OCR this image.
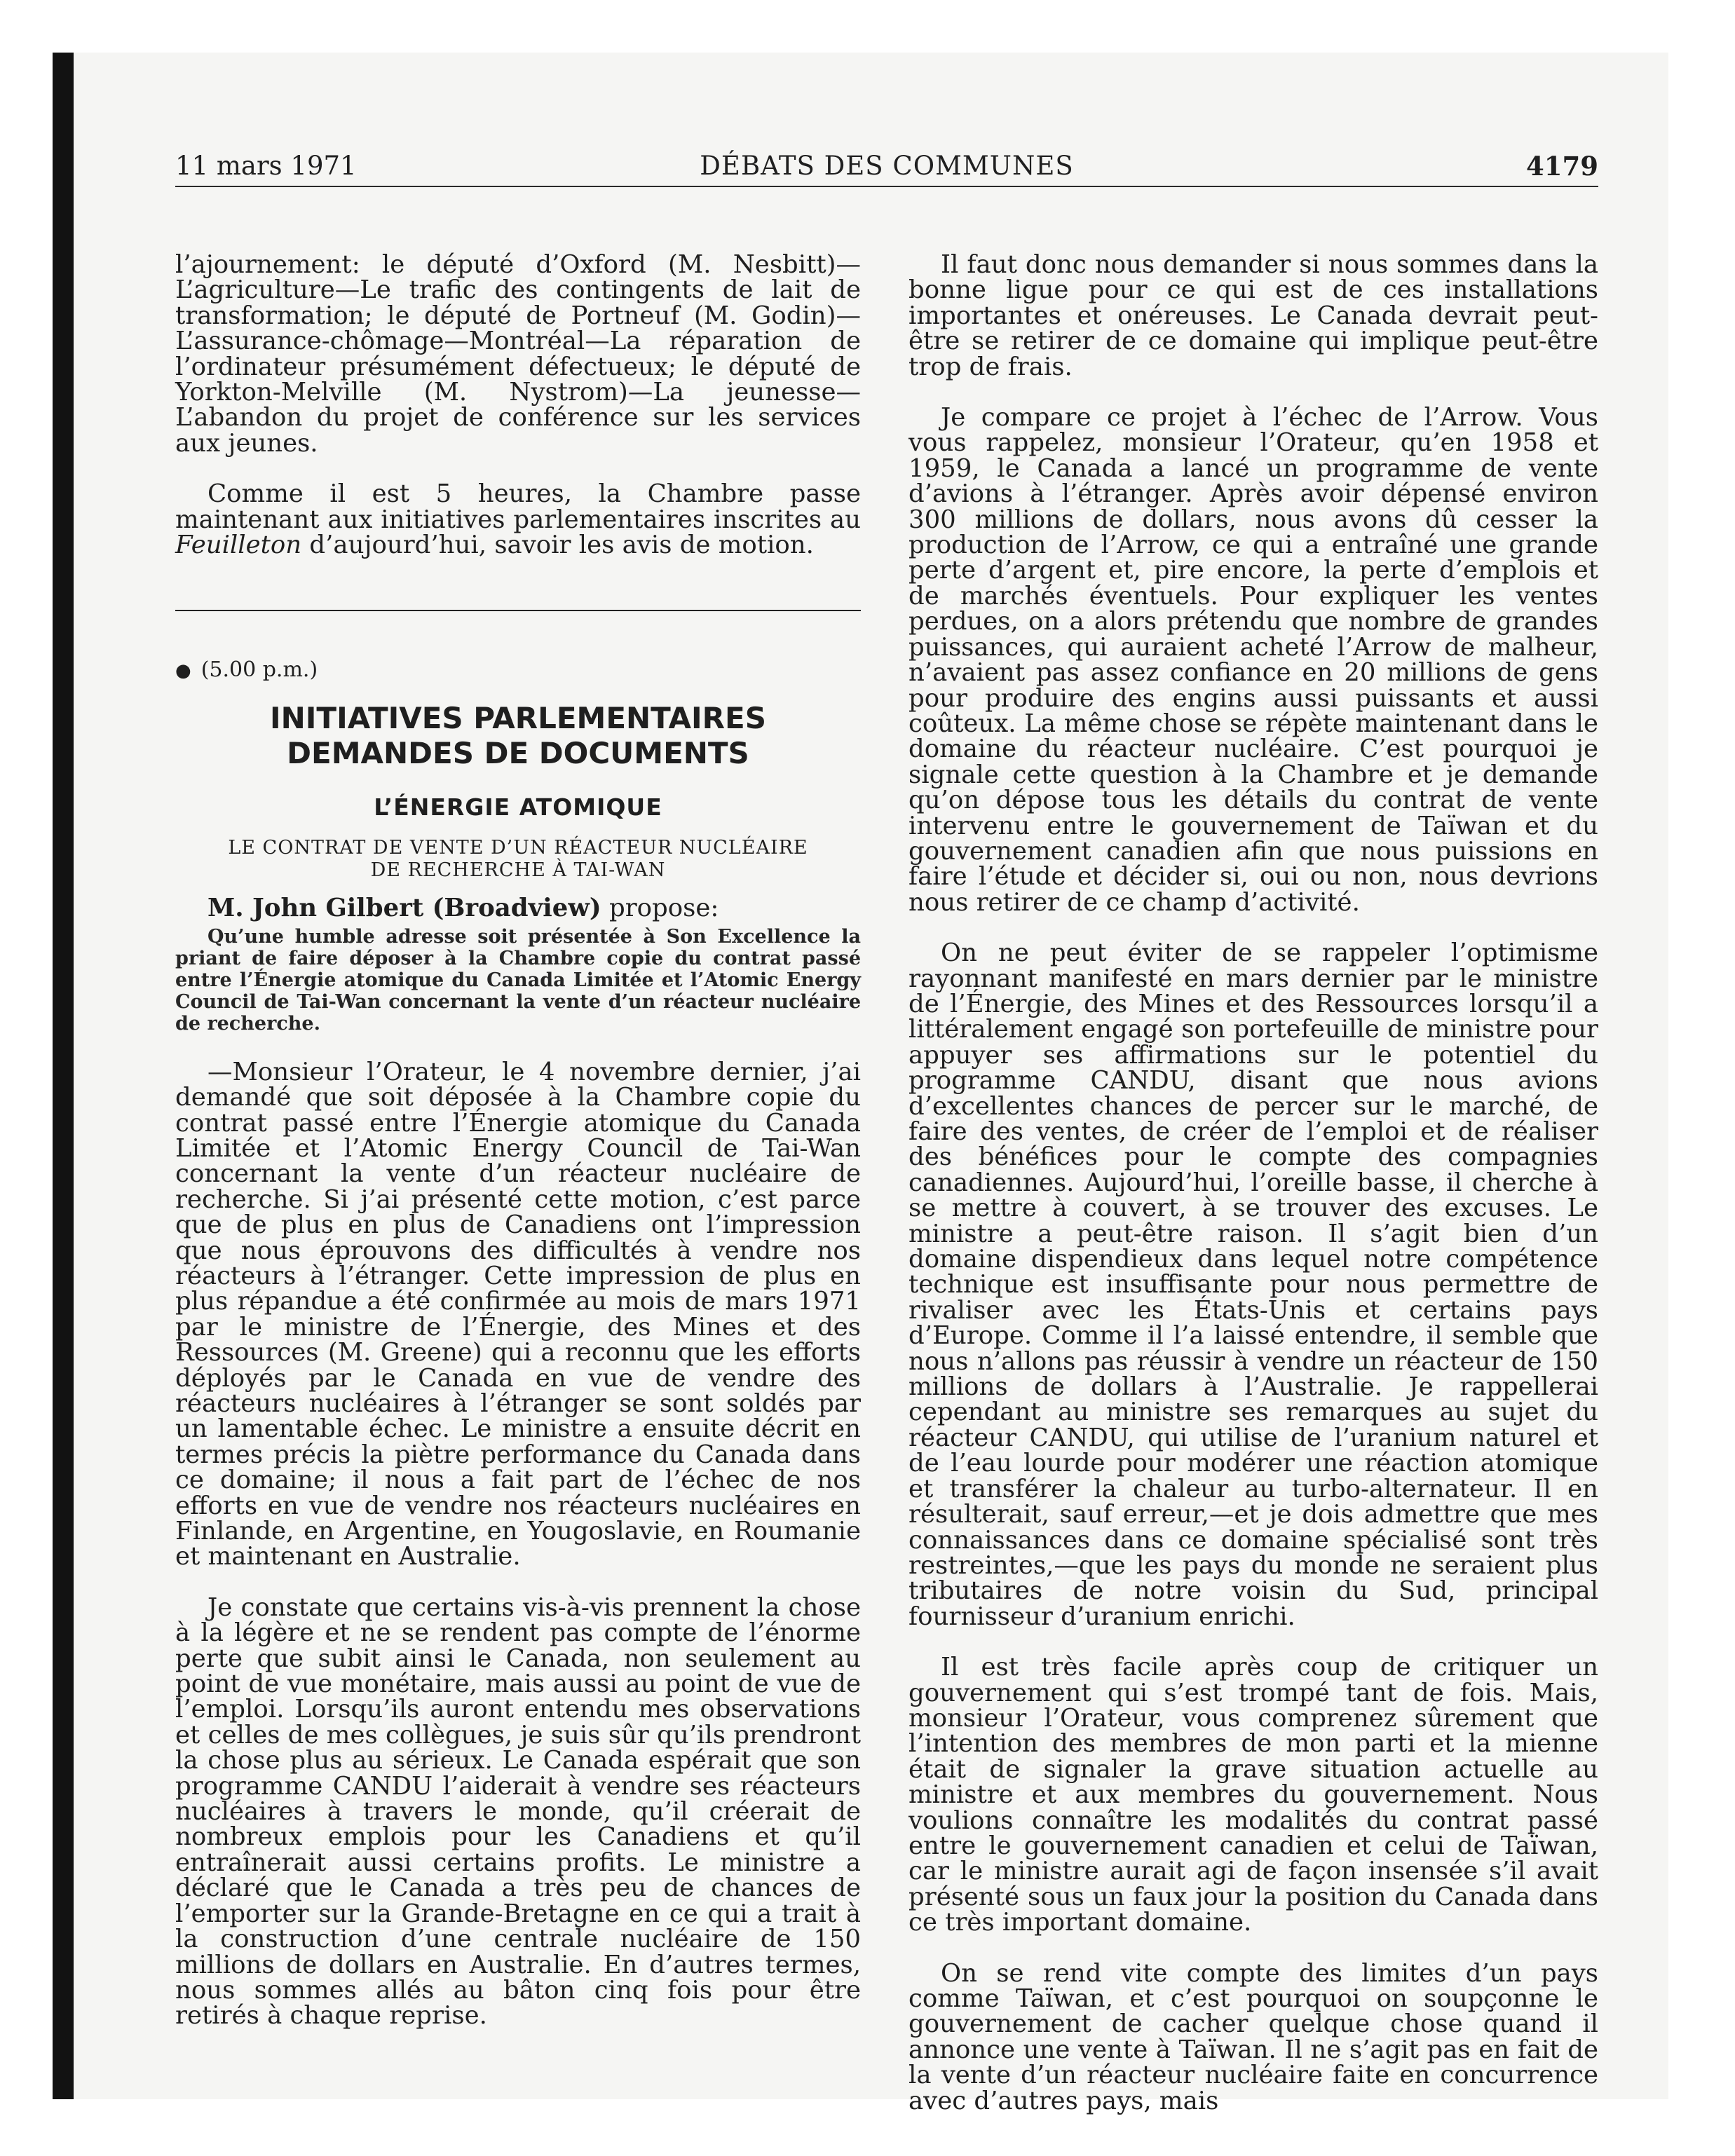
11 mars 1971	DÉBATS DES COMMUNES	4179

l’ajournement: le député d’Oxford (M. Nesbitt)—L’agriculture—Le trafic des contingents de lait de transformation; le député de Portneuf (M. Godin)—L’assurance-chômage—Montréal—La réparation de l’ordinateur présumément défectueux; le député de Yorkton-Melville (M. Nystrom)—La jeunesse—L’abandon du projet de conférence sur les services aux jeunes.

Comme il est 5 heures, la Chambre passe maintenant aux initiatives parlementaires inscrites au Feuilleton d’aujourd’hui, savoir les avis de motion.

● (5.00 p.m.)

INITIATIVES PARLEMENTAIRES
DEMANDES DE DOCUMENTS
L’ÉNERGIE ATOMIQUE
LE CONTRAT DE VENTE D’UN RÉACTEUR NUCLÉAIRE
DE RECHERCHE À TAI-WAN

M. John Gilbert (Broadview) propose:

Qu’une humble adresse soit présentée à Son Excellence la priant de faire déposer à la Chambre copie du contrat passé entre l’Énergie atomique du Canada Limitée et l’Atomic Energy Council de Tai-Wan concernant la vente d’un réacteur nucléaire de recherche.

—Monsieur l’Orateur, le 4 novembre dernier, j’ai demandé que soit déposée à la Chambre copie du contrat passé entre l’Énergie atomique du Canada Limitée et l’Atomic Energy Council de Tai-Wan concernant la vente d’un réacteur nucléaire de recherche. Si j’ai présenté cette motion, c’est parce que de plus en plus de Canadiens ont l’impression que nous éprouvons des difficultés à vendre nos réacteurs à l’étranger. Cette impression de plus en plus répandue a été confirmée au mois de mars 1971 par le ministre de l’Énergie, des Mines et des Ressources (M. Greene) qui a reconnu que les efforts déployés par le Canada en vue de vendre des réacteurs nucléaires à l’étranger se sont soldés par un lamentable échec. Le ministre a ensuite décrit en termes précis la piètre performance du Canada dans ce domaine; il nous a fait part de l’échec de nos efforts en vue de vendre nos réacteurs nucléaires en Finlande, en Argentine, en Yougoslavie, en Roumanie et maintenant en Australie.

Je constate que certains vis-à-vis prennent la chose à la légère et ne se rendent pas compte de l’énorme perte que subit ainsi le Canada, non seulement au point de vue monétaire, mais aussi au point de vue de l’emploi. Lorsqu’ils auront entendu mes observations et celles de mes collègues, je suis sûr qu’ils prendront la chose plus au sérieux. Le Canada espérait que son programme CANDU l’aiderait à vendre ses réacteurs nucléaires à travers le monde, qu’il créerait de nombreux emplois pour les Canadiens et qu’il entraînerait aussi certains profits. Le ministre a déclaré que le Canada a très peu de chances de l’emporter sur la Grande-Bretagne en ce qui a trait à la construction d’une centrale nucléaire de 150 millions de dollars en Australie. En d’autres termes, nous sommes allés au bâton cinq fois pour être retirés à chaque reprise.

Il faut donc nous demander si nous sommes dans la bonne ligue pour ce qui est de ces installations importantes et onéreuses. Le Canada devrait peut-être se retirer de ce domaine qui implique peut-être trop de frais.

Je compare ce projet à l’échec de l’Arrow. Vous vous rappelez, monsieur l’Orateur, qu’en 1958 et 1959, le Canada a lancé un programme de vente d’avions à l’étranger. Après avoir dépensé environ 300 millions de dollars, nous avons dû cesser la production de l’Arrow, ce qui a entraîné une grande perte d’argent et, pire encore, la perte d’emplois et de marchés éventuels. Pour expliquer les ventes perdues, on a alors prétendu que nombre de grandes puissances, qui auraient acheté l’Arrow de malheur, n’avaient pas assez confiance en 20 millions de gens pour produire des engins aussi puissants et aussi coûteux. La même chose se répète maintenant dans le domaine du réacteur nucléaire. C’est pourquoi je signale cette question à la Chambre et je demande qu’on dépose tous les détails du contrat de vente intervenu entre le gouvernement de Taïwan et du gouvernement canadien afin que nous puissions en faire l’étude et décider si, oui ou non, nous devrions nous retirer de ce champ d’activité.

On ne peut éviter de se rappeler l’optimisme rayonnant manifesté en mars dernier par le ministre de l’Énergie, des Mines et des Ressources lorsqu’il a littéralement engagé son portefeuille de ministre pour appuyer ses affirmations sur le potentiel du programme CANDU, disant que nous avions d’excellentes chances de percer sur le marché, de faire des ventes, de créer de l’emploi et de réaliser des bénéfices pour le compte des compagnies canadiennes. Aujourd’hui, l’oreille basse, il cherche à se mettre à couvert, à se trouver des excuses. Le ministre a peut-être raison. Il s’agit bien d’un domaine dispendieux dans lequel notre compétence technique est insuffisante pour nous permettre de rivaliser avec les États-Unis et certains pays d’Europe. Comme il l’a laissé entendre, il semble que nous n’allons pas réussir à vendre un réacteur de 150 millions de dollars à l’Australie. Je rappellerai cependant au ministre ses remarques au sujet du réacteur CANDU, qui utilise de l’uranium naturel et de l’eau lourde pour modérer une réaction atomique et transférer la chaleur au turbo-alternateur. Il en résulterait, sauf erreur,—et je dois admettre que mes connaissances dans ce domaine spécialisé sont très restreintes,—que les pays du monde ne seraient plus tributaires de notre voisin du Sud, principal fournisseur d’uranium enrichi.

Il est très facile après coup de critiquer un gouvernement qui s’est trompé tant de fois. Mais, monsieur l’Orateur, vous comprenez sûrement que l’intention des membres de mon parti et la mienne était de signaler la grave situation actuelle au ministre et aux membres du gouvernement. Nous voulions connaître les modalités du contrat passé entre le gouvernement canadien et celui de Taïwan, car le ministre aurait agi de façon insensée s’il avait présenté sous un faux jour la position du Canada dans ce très important domaine.

On se rend vite compte des limites d’un pays comme Taïwan, et c’est pourquoi on soupçonne le gouvernement de cacher quelque chose quand il annonce une vente à Taïwan. Il ne s’agit pas en fait de la vente d’un réacteur nucléaire faite en concurrence avec d’autres pays, mais
